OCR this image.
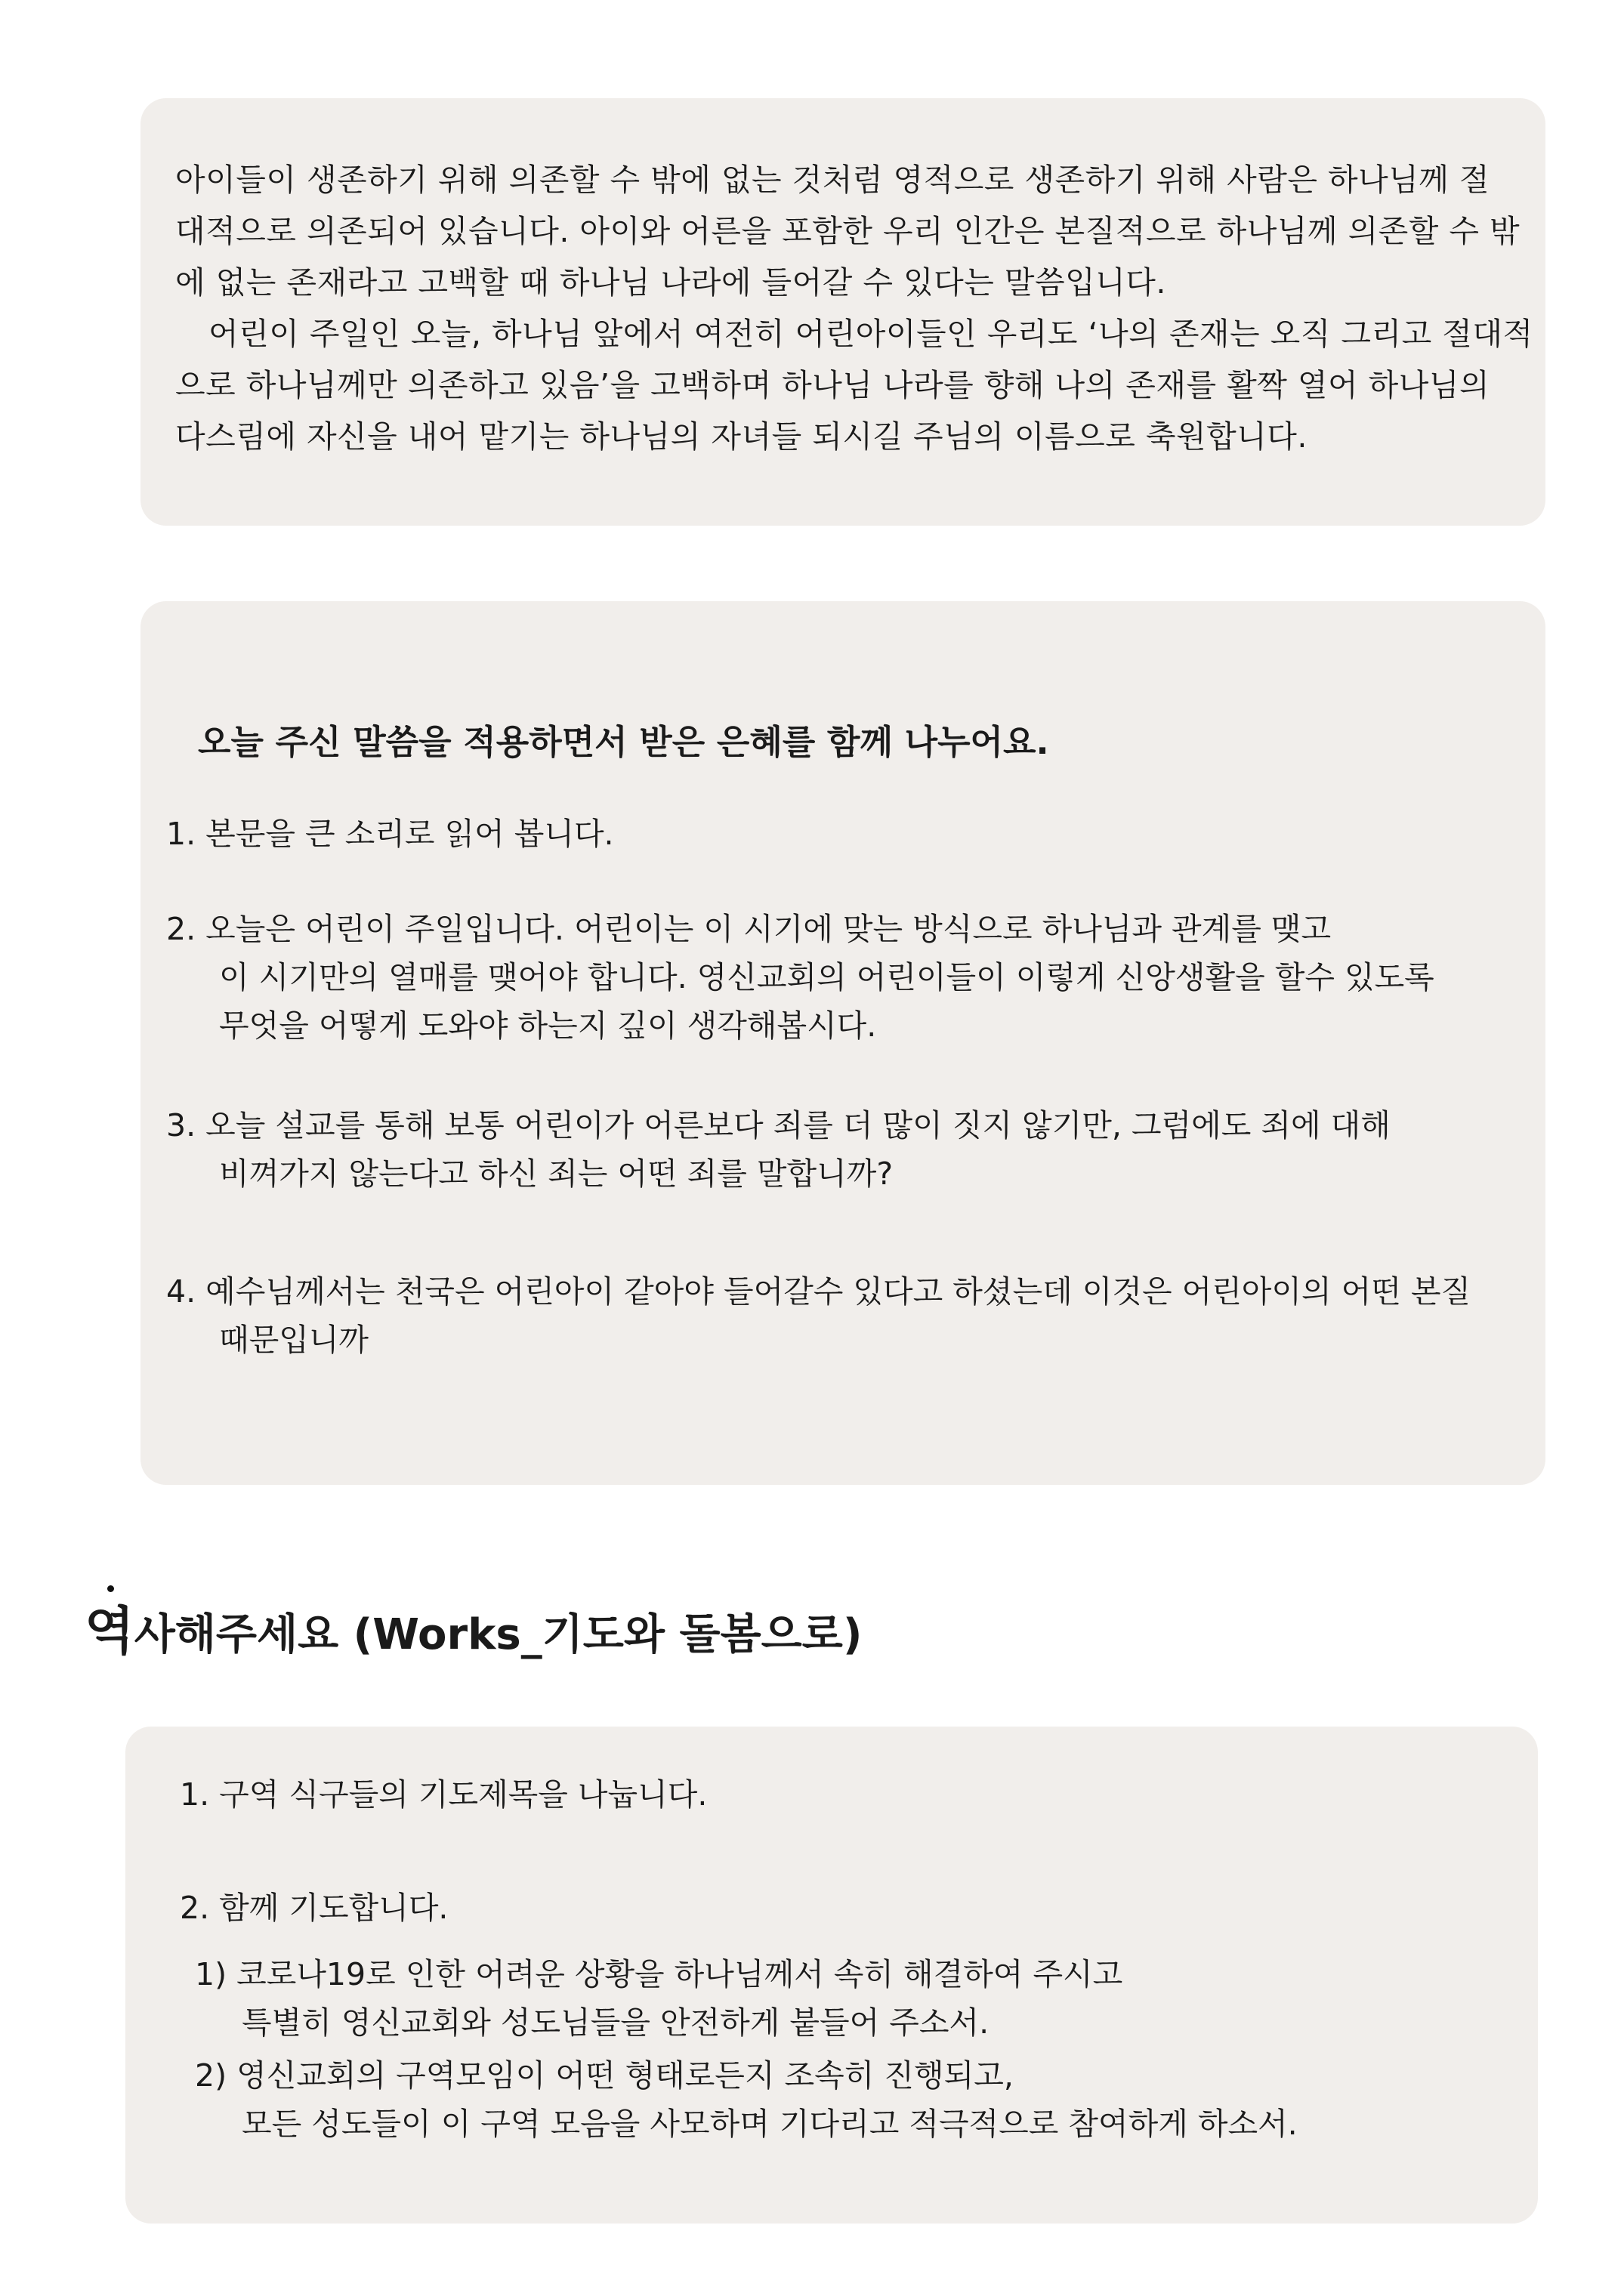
아이들이 생존하기 위해 의존할 수 밖에 없는 것처럼 영적으로 생존하기 위해 사람은 하나님께 절
대적으로 의존되어 있습니다. 아이와 어른을 포함한 우리 인간은 본질적으로 하나님께 의존할 수 밖
에 없는 존재라고 고백할 때 하나님 나라에 들어갈 수 있다는 말씀입니다.
어린이 주일인 오늘, 하나님 앞에서 여전히 어린아이들인 우리도 ‘나의 존재는 오직 그리고 절대적
으로 하나님께만 의존하고 있음’을 고백하며 하나님 나라를 향해 나의 존재를 활짝 열어 하나님의
다스림에 자신을 내어 맡기는 하나님의 자녀들 되시길 주님의 이름으로 축원합니다.

오늘 주신 말씀을 적용하면서 받은 은혜를 함께 나누어요.
1. 본문을 큰 소리로 읽어 봅니다.
2. 오늘은 어린이 주일입니다. 어린이는 이 시기에 맞는 방식으로 하나님과 관계를 맺고
이 시기만의 열매를 맺어야 합니다. 영신교회의 어린이들이 이렇게 신앙생활을 할수 있도록
무엇을 어떻게 도와야 하는지 깊이 생각해봅시다.
3. 오늘 설교를 통해 보통 어린이가 어른보다 죄를 더 많이 짓지 않기만, 그럼에도 죄에 대해
비껴가지 않는다고 하신 죄는 어떤 죄를 말합니까?
4. 예수님께서는 천국은 어린아이 같아야 들어갈수 있다고 하셨는데 이것은 어린아이의 어떤 본질
때문입니까
역사해주세요 (Works_기도와 돌봄으로)
1. 구역 식구들의 기도제목을 나눕니다.
2. 함께 기도합니다.
1) 코로나19로 인한 어려운 상황을 하나님께서 속히 해결하여 주시고
특별히 영신교회와 성도님들을 안전하게 붙들어 주소서.
2) 영신교회의 구역모임이 어떤 형태로든지 조속히 진행되고,
모든 성도들이 이 구역 모음을 사모하며 기다리고 적극적으로 참여하게 하소서.
